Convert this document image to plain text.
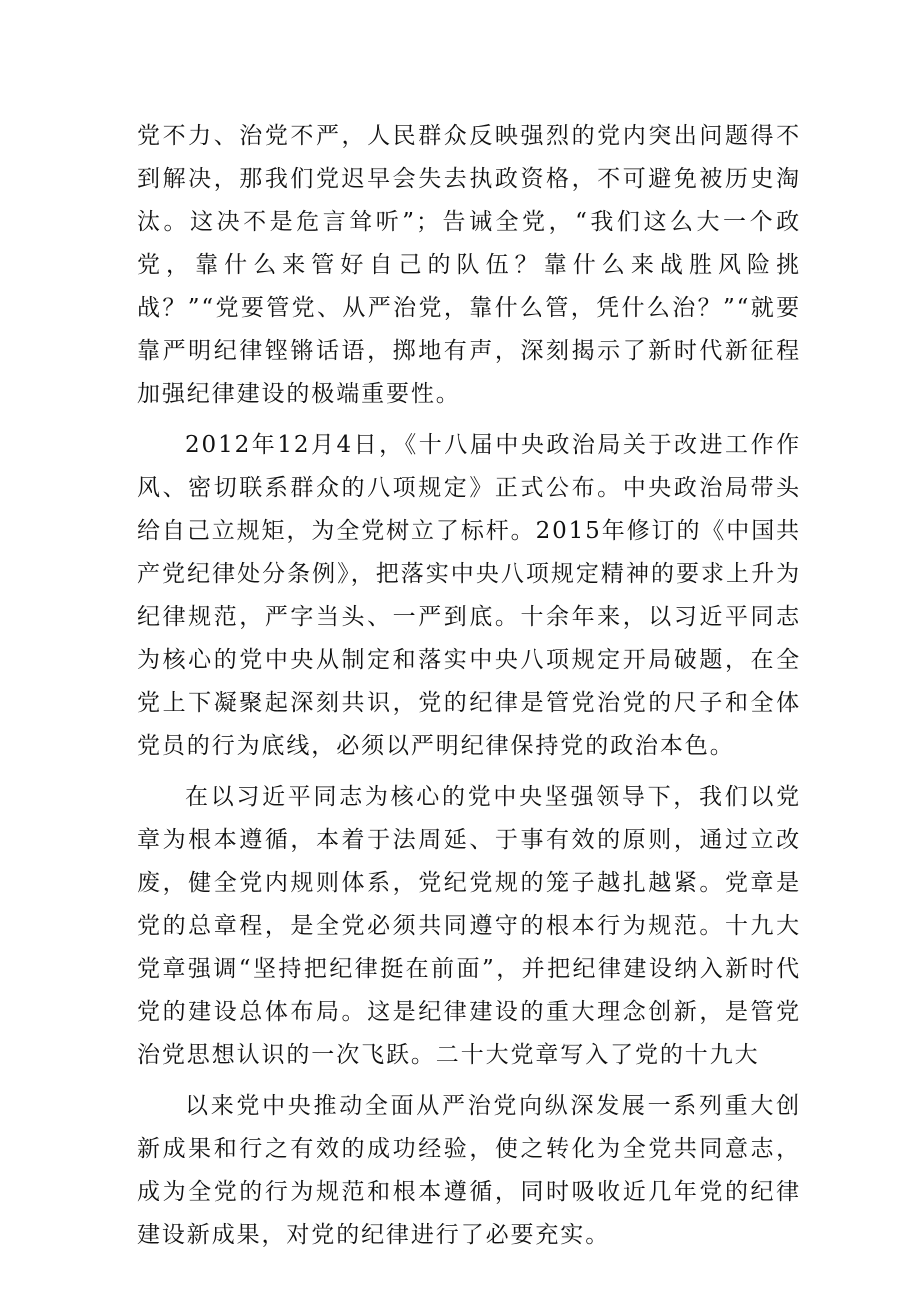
党不力、治党不严，人民群众反映强烈的党内突出问题得不到解决，那我们党迟早会失去执政资格，不可避免被历史淘汰。这决不是危言耸听”；告诫全党，“我们这么大一个政党，靠什么来管好自己的队伍？靠什么来战胜风险挑战？”“党要管党、从严治党，靠什么管，凭什么治？”“就要靠严明纪律铿锵话语，掷地有声，深刻揭示了新时代新征程加强纪律建设的极端重要性。

2012年12月4日，《十八届中央政治局关于改进工作作风、密切联系群众的八项规定》正式公布。中央政治局带头给自己立规矩，为全党树立了标杆。2015年修订的《中国共产党纪律处分条例》，把落实中央八项规定精神的要求上升为纪律规范，严字当头、一严到底。十余年来，以习近平同志为核心的党中央从制定和落实中央八项规定开局破题，在全党上下凝聚起深刻共识，党的纪律是管党治党的尺子和全体党员的行为底线，必须以严明纪律保持党的政治本色。

在以习近平同志为核心的党中央坚强领导下，我们以党章为根本遵循，本着于法周延、于事有效的原则，通过立改废，健全党内规则体系，党纪党规的笼子越扎越紧。党章是党的总章程，是全党必须共同遵守的根本行为规范。十九大党章强调“坚持把纪律挺在前面”，并把纪律建设纳入新时代党的建设总体布局。这是纪律建设的重大理念创新，是管党治党思想认识的一次飞跃。二十大党章写入了党的十九大

以来党中央推动全面从严治党向纵深发展一系列重大创新成果和行之有效的成功经验，使之转化为全党共同意志，成为全党的行为规范和根本遵循，同时吸收近几年党的纪律建设新成果，对党的纪律进行了必要充实。
